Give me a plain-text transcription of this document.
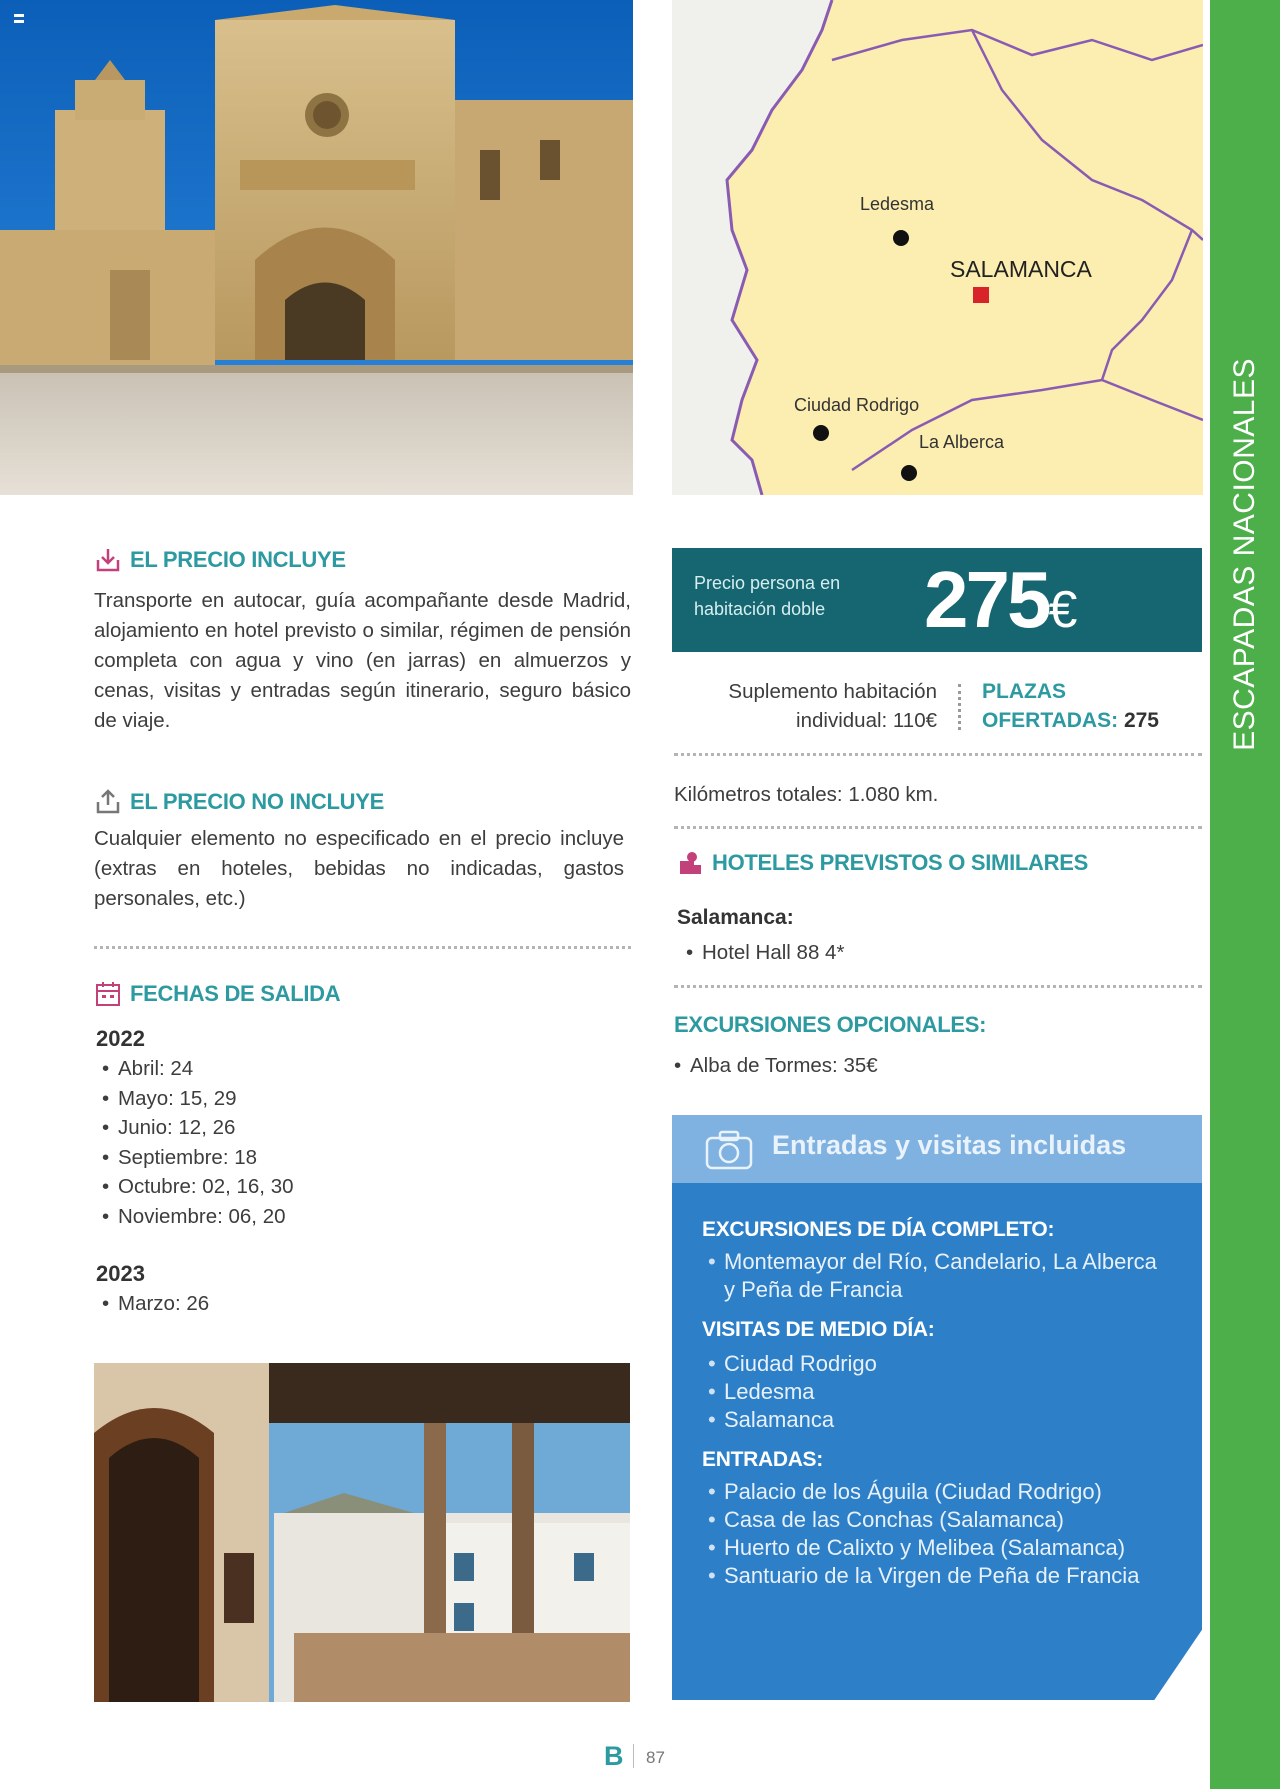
Ledesma
SALAMANCA
Ciudad Rodrigo
La Alberca	ESCAPADAS NACIONALES
EL PRECIO INCLUYE
Transporte en autocar, guía acompañante desde Madrid, alojamiento en hotel previsto o similar, régimen de pensión completa con agua y vino (en jarras) en almuerzos y cenas, visitas y entradas según itinerario, seguro básico de viaje.
EL PRECIO NO INCLUYE
Cualquier elemento no especificado en el precio incluye (extras en hoteles, bebidas no indicadas, gastos personales, etc.)
FECHAS DE SALIDA
2022
• Abril: 24
• Mayo: 15, 29
• Junio: 12, 26
• Septiembre: 18
• Octubre: 02, 16, 30
• Noviembre: 06, 20
2023
• Marzo: 26
Precio persona en habitación doble	275€
Suplemento habitación
individual: 110€
PLAZAS
OFERTADAS: 275
Kilómetros totales: 1.080 km.
HOTELES PREVISTOS O SIMILARES
Salamanca:
• Hotel Hall 88 4*
EXCURSIONES OPCIONALES:
• Alba de Tormes: 35€
Entradas y visitas incluidas
EXCURSIONES DE DÍA COMPLETO:
• Montemayor del Río, Candelario, La Alberca y Peña de Francia
VISITAS DE MEDIO DÍA:
• Ciudad Rodrigo
• Ledesma
• Salamanca
ENTRADAS:
• Palacio de los Águila (Ciudad Rodrigo)
• Casa de las Conchas (Salamanca)
• Huerto de Calixto y Melibea (Salamanca)
• Santuario de la Virgen de Peña de Francia
B 87
